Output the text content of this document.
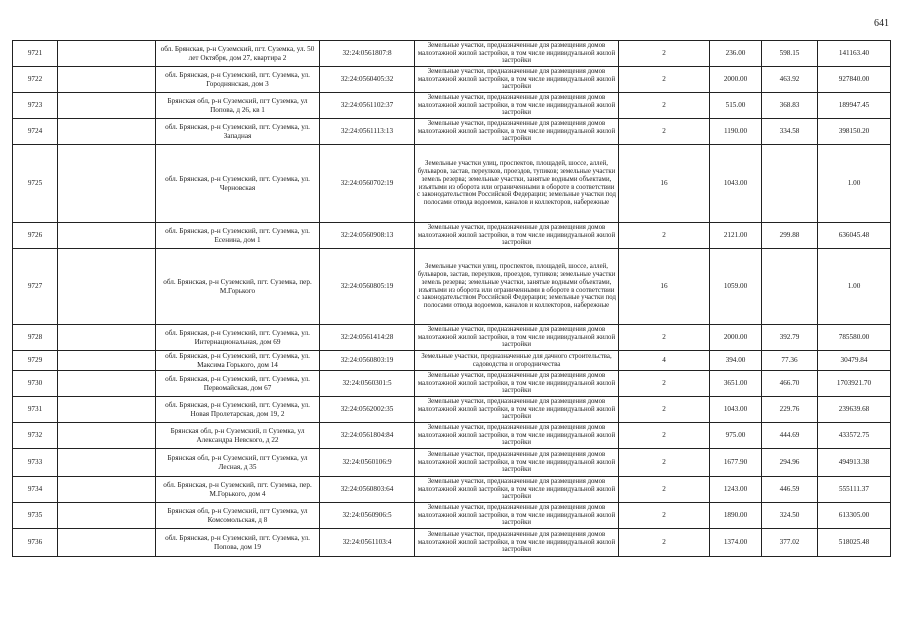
641
9721		обл. Брянская, р-н Суземский, пгт. Суземка, ул. 50 лет Октября, дом 27, квартира 2	32:24:0561807:8	Земельные участки, предназначенные для размещения домов малоэтажной жилой застройки, в том числе индивидуальной жилой застройки	2	236.00	598.15	141163.40
9722		обл. Брянская, р-н Суземский, пгт. Суземка, ул. Городнянская, дом 3	32:24:0560405:32	Земельные участки, предназначенные для размещения домов малоэтажной жилой застройки, в том числе индивидуальной жилой застройки	2	2000.00	463.92	927840.00
9723		Брянская обл, р-н Суземский, пгт Суземка, ул Попова, д 26, кв 1	32:24:0561102:37	Земельные участки, предназначенные для размещения домов малоэтажной жилой застройки, в том числе индивидуальной жилой застройки	2	515.00	368.83	189947.45
9724		обл. Брянская, р-н Суземский, пгт. Суземка, ул. Западная	32:24:0561113:13	Земельные участки, предназначенные для размещения домов малоэтажной жилой застройки, в том числе индивидуальной жилой застройки	2	1190.00	334.58	398150.20
9725		обл. Брянская, р-н Суземский, пгт. Суземка, ул. Черновская	32:24:0560702:19	Земельные участки улиц, проспектов, площадей, шоссе, аллей, бульваров, застав, переулков, проездов, тупиков; земельные участки земель резерва; земельные участки, занятые водными объектами, изъятыми из оборота или ограниченными в обороте в соответствии с законодательством Российской Федерации; земельные участки под полосами отвода водоемов, каналов и коллекторов, набережные	16	1043.00		1.00
9726		обл. Брянская, р-н Суземский, пгт. Суземка, ул. Есенина, дом 1	32:24:0560908:13	Земельные участки, предназначенные для размещения домов малоэтажной жилой застройки, в том числе индивидуальной жилой застройки	2	2121.00	299.88	636045.48
9727		обл. Брянская, р-н Суземский, пгт. Суземка, пер. М.Горького	32:24:0560805:19	Земельные участки улиц, проспектов, площадей, шоссе, аллей, бульваров, застав, переулков, проездов, тупиков; земельные участки земель резерва; земельные участки, занятые водными объектами, изъятыми из оборота или ограниченными в обороте в соответствии с законодательством Российской Федерации; земельные участки под полосами отвода водоемов, каналов и коллекторов, набережные	16	1059.00		1.00
9728		обл. Брянская, р-н Суземский, пгт. Суземка, ул. Интернациональная, дом 69	32:24:0561414:28	Земельные участки, предназначенные для размещения домов малоэтажной жилой застройки, в том числе индивидуальной жилой застройки	2	2000.00	392.79	785580.00
9729		обл. Брянская, р-н Суземский, пгт. Суземка, ул. Максима Горького, дом 14	32:24:0560803:19	Земельные участки, предназначенные для дачного строительства, садоводства и огородничества	4	394.00	77.36	30479.84
9730		обл. Брянская, р-н Суземский, пгт. Суземка, ул. Первомайская, дом 67	32:24:0560301:5	Земельные участки, предназначенные для размещения домов малоэтажной жилой застройки, в том числе индивидуальной жилой застройки	2	3651.00	466.70	1703921.70
9731		обл. Брянская, р-н Суземский, пгт. Суземка, ул. Новая Пролетарская, дом 19, 2	32:24:0562002:35	Земельные участки, предназначенные для размещения домов малоэтажной жилой застройки, в том числе индивидуальной жилой застройки	2	1043.00	229.76	239639.68
9732		Брянская обл, р-н Суземский, п Суземка, ул Александра Невского, д 22	32:24:0561804:84	Земельные участки, предназначенные для размещения домов малоэтажной жилой застройки, в том числе индивидуальной жилой застройки	2	975.00	444.69	433572.75
9733		Брянская обл, р-н Суземский, пгт Суземка, ул Лесная, д 35	32:24:0560106:9	Земельные участки, предназначенные для размещения домов малоэтажной жилой застройки, в том числе индивидуальной жилой застройки	2	1677.90	294.96	494913.38
9734		обл. Брянская, р-н Суземский, пгт. Суземка, пер. М.Горького, дом 4	32:24:0560803:64	Земельные участки, предназначенные для размещения домов малоэтажной жилой застройки, в том числе индивидуальной жилой застройки	2	1243.00	446.59	555111.37
9735		Брянская обл, р-н Суземский, пгт Суземка, ул Комсомольская, д 8	32:24:0560906:5	Земельные участки, предназначенные для размещения домов малоэтажной жилой застройки, в том числе индивидуальной жилой застройки	2	1890.00	324.50	613305.00
9736		обл. Брянская, р-н Суземский, пгт. Суземка, ул. Попова, дом 19	32:24:0561103:4	Земельные участки, предназначенные для размещения домов малоэтажной жилой застройки, в том числе индивидуальной жилой застройки	2	1374.00	377.02	518025.48
